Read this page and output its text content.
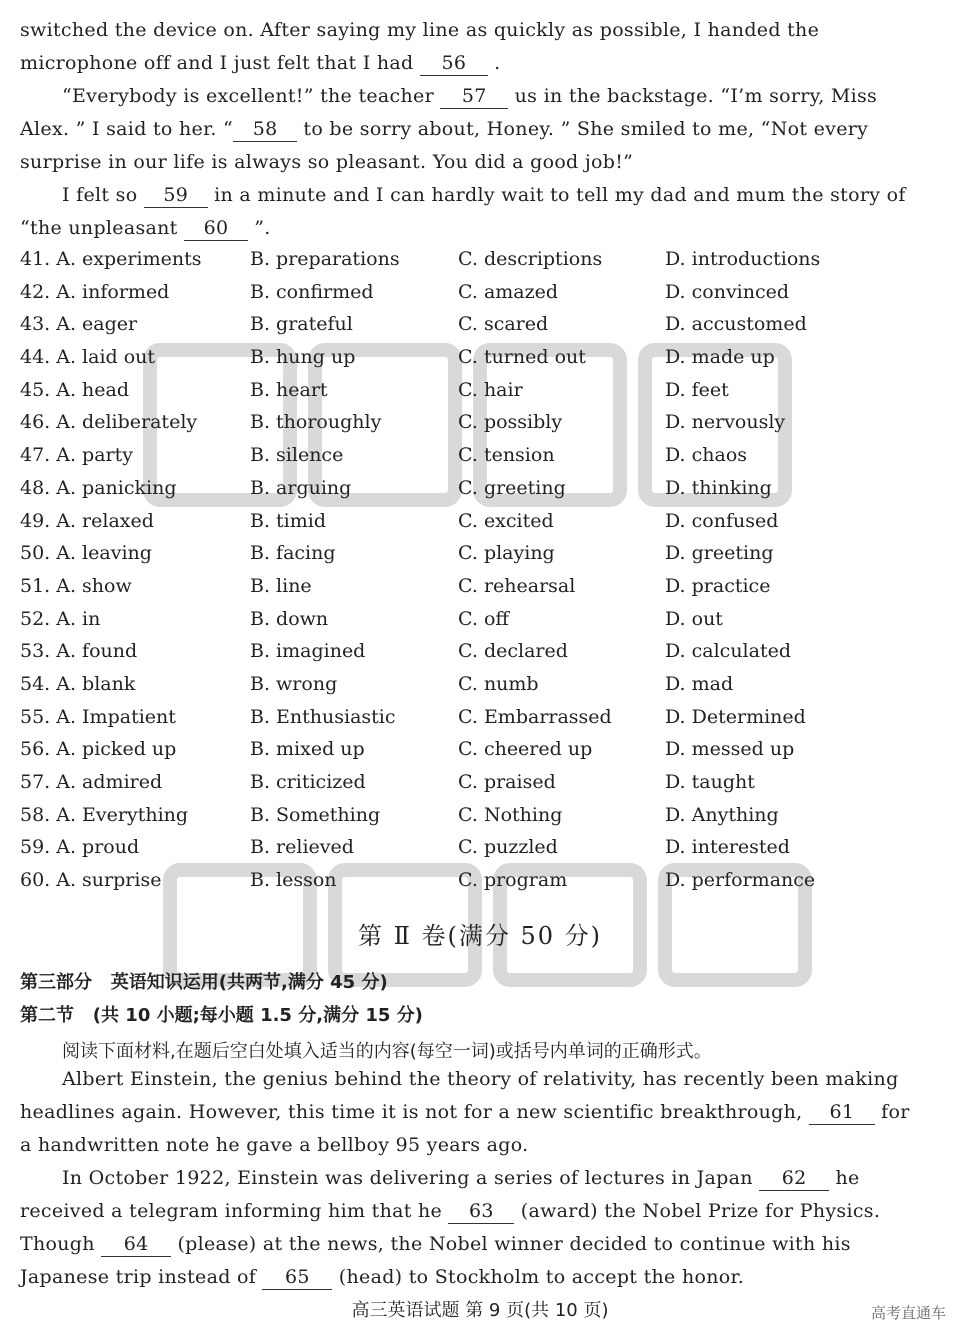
switched the device on. After saying my line as quickly as possible, I handed the
microphone off and I just felt that I had 56 .
“Everybody is excellent!” the teacher 57 us in the backstage. “I’m sorry, Miss
Alex. ” I said to her. “ 58 to be sorry about, Honey. ” She smiled to me, “Not every
surprise in our life is always so pleasant. You did a good job!”
I felt so 59 in a minute and I can hardly wait to tell my dad and mum the story of
“the unpleasant 60 ”.
41. A. experiments	B. preparations	C. descriptions	D. introductions
42. A. informed	B. confirmed	C. amazed	D. convinced
43. A. eager	B. grateful	C. scared	D. accustomed
44. A. laid out	B. hung up	C. turned out	D. made up
45. A. head	B. heart	C. hair	D. feet
46. A. deliberately	B. thoroughly	C. possibly	D. nervously
47. A. party	B. silence	C. tension	D. chaos
48. A. panicking	B. arguing	C. greeting	D. thinking
49. A. relaxed	B. timid	C. excited	D. confused
50. A. leaving	B. facing	C. playing	D. greeting
51. A. show	B. line	C. rehearsal	D. practice
52. A. in	B. down	C. off	D. out
53. A. found	B. imagined	C. declared	D. calculated
54. A. blank	B. wrong	C. numb	D. mad
55. A. Impatient	B. Enthusiastic	C. Embarrassed	D. Determined
56. A. picked up	B. mixed up	C. cheered up	D. messed up
57. A. admired	B. criticized	C. praised	D. taught
58. A. Everything	B. Something	C. Nothing	D. Anything
59. A. proud	B. relieved	C. puzzled	D. interested
60. A. surprise	B. lesson	C. program	D. performance
第 Ⅱ 卷(满分 50 分)
第三部分   英语知识运用(共两节,满分 45 分)
第二节   (共 10 小题;每小题 1.5 分,满分 15 分)
阅读下面材料,在题后空白处填入适当的内容(每空一词)或括号内单词的正确形式。
Albert Einstein, the genius behind the theory of relativity, has recently been making
headlines again. However, this time it is not for a new scientific breakthrough, 61 for
a handwritten note he gave a bellboy 95 years ago.
In October 1922, Einstein was delivering a series of lectures in Japan 62 he
received a telegram informing him that he 63 (award) the Nobel Prize for Physics.
Though 64 (please) at the news, the Nobel winner decided to continue with his
Japanese trip instead of 65 (head) to Stockholm to accept the honor.
高三英语试题 第 9 页(共 10 页)	高考直通车
